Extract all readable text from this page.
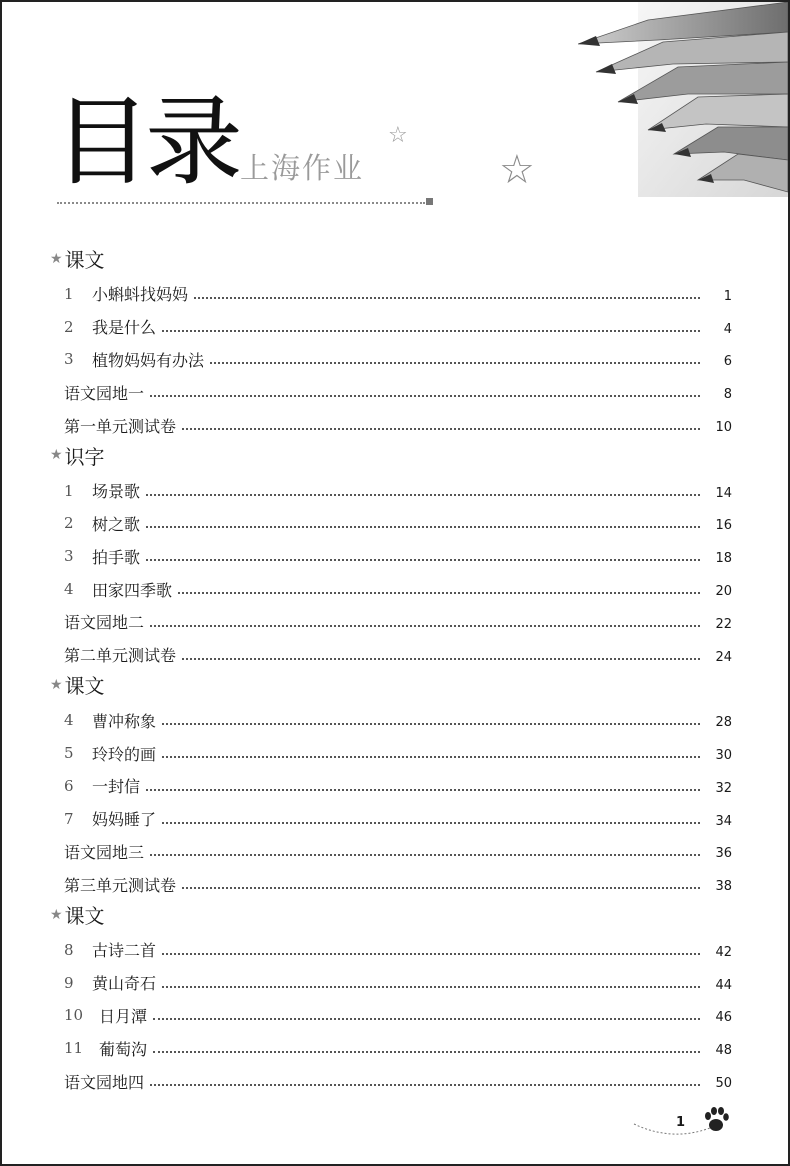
目录 上海作业
☆
☆
★ 课文
1 小蝌蚪找妈妈	1
2 我是什么	4
3 植物妈妈有办法	6
语文园地一	8
第一单元测试卷	10
★ 识字
1 场景歌	14
2 树之歌	16
3 拍手歌	18
4 田家四季歌	20
语文园地二	22
第二单元测试卷	24
★ 课文
4 曹冲称象	28
5 玲玲的画	30
6 一封信	32
7 妈妈睡了	34
语文园地三	36
第三单元测试卷	38
★ 课文
8 古诗二首	42
9 黄山奇石	44
10 日月潭	46
11 葡萄沟	48
语文园地四	50
1
